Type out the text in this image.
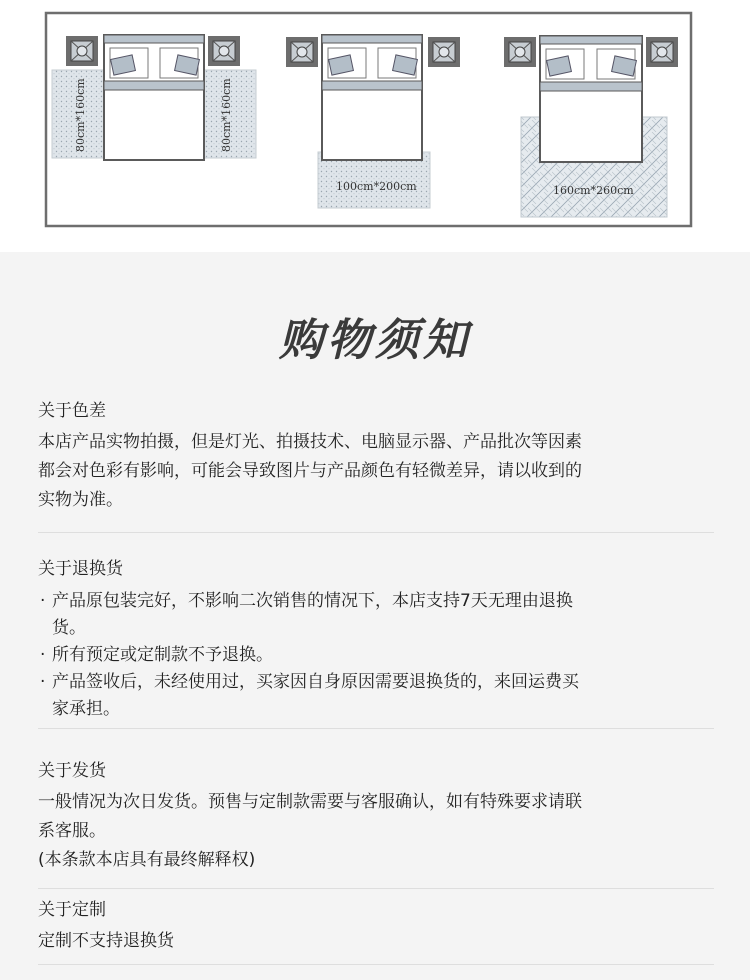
80cm*160cm	80cm*160cm
100cm*200cm	160cm*260cm
购物须知
关于色差
本店产品实物拍摄，但是灯光、拍摄技术、电脑显示器、产品批次等因素
都会对色彩有影响，可能会导致图片与产品颜色有轻微差异，请以收到的
实物为准。
关于退换货
· 产品原包装完好，不影响二次销售的情况下，本店支持7天无理由退换
货。
· 所有预定或定制款不予退换。
· 产品签收后，未经使用过，买家因自身原因需要退换货的，来回运费买
家承担。
关于发货
一般情况为次日发货。预售与定制款需要与客服确认，如有特殊要求请联
系客服。
(本条款本店具有最终解释权)
关于定制
定制不支持退换货
